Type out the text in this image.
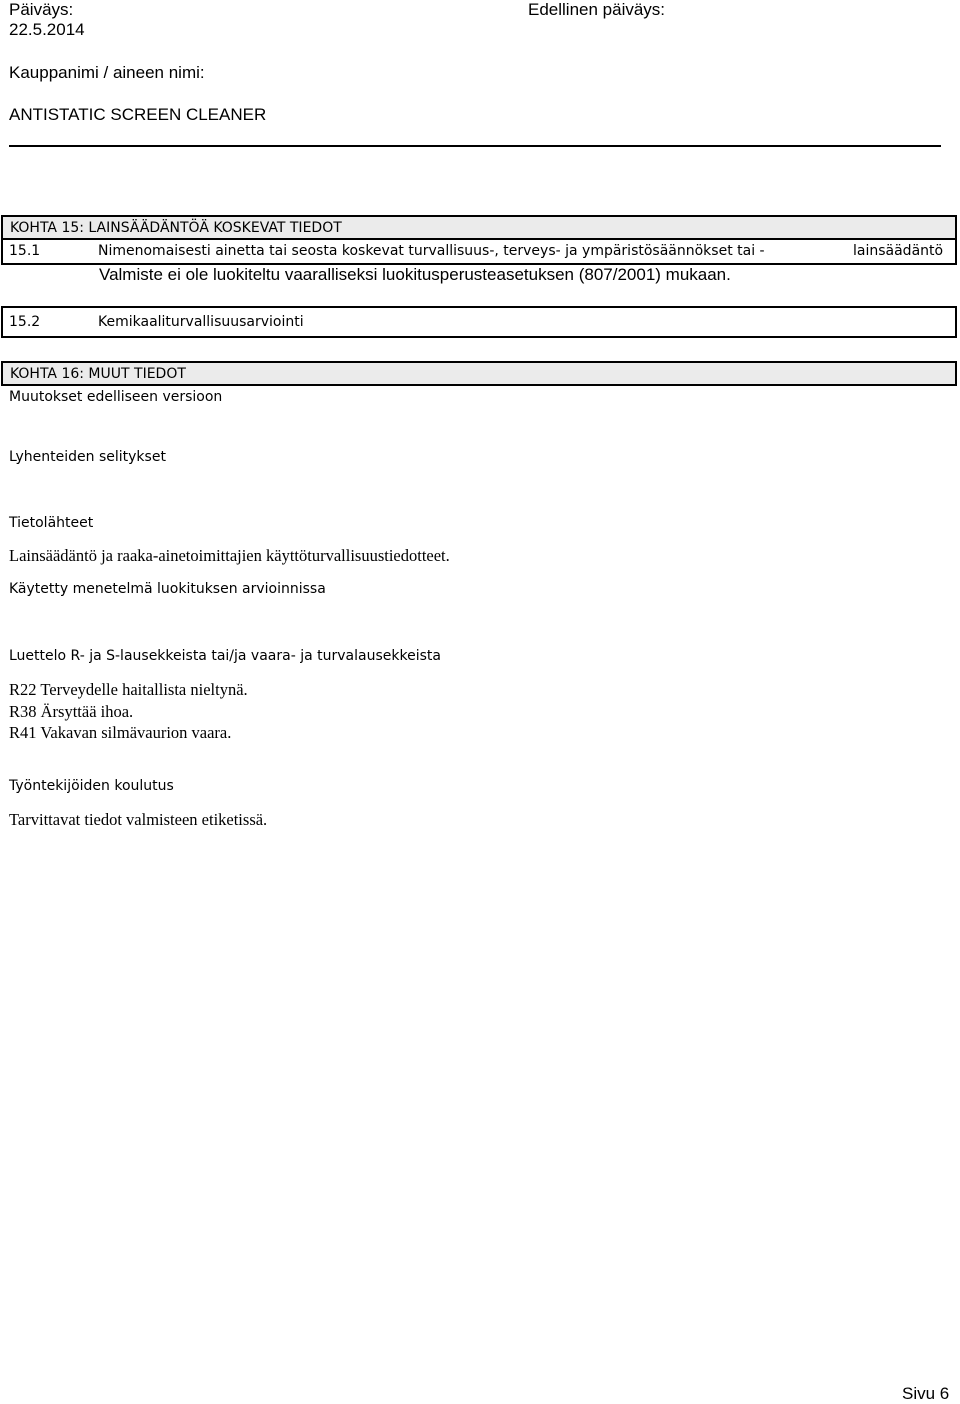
Päiväys:
22.5.2014
Edellinen päiväys:
Kauppanimi / aineen nimi:
ANTISTATIC SCREEN CLEANER
KOHTA 15: LAINSÄÄDÄNTÖÄ KOSKEVAT TIEDOT
15.1	Nimenomaisesti ainetta tai seosta koskevat turvallisuus-, terveys- ja ympäristösäännökset tai -	lainsäädäntö
Valmiste ei ole luokiteltu vaaralliseksi luokitusperusteasetuksen (807/2001) mukaan.
15.2	Kemikaaliturvallisuusarviointi
KOHTA 16: MUUT TIEDOT
Muutokset edelliseen versioon
Lyhenteiden selitykset
Tietolähteet
Lainsäädäntö ja raaka-ainetoimittajien käyttöturvallisuustiedotteet.
Käytetty menetelmä luokituksen arvioinnissa
Luettelo R- ja S-lausekkeista tai/ja vaara- ja turvalausekkeista
R22 Terveydelle haitallista nieltynä.
R38 Ärsyttää ihoa.
R41 Vakavan silmävaurion vaara.
Työntekijöiden koulutus
Tarvittavat tiedot valmisteen etiketissä.
Sivu 6
